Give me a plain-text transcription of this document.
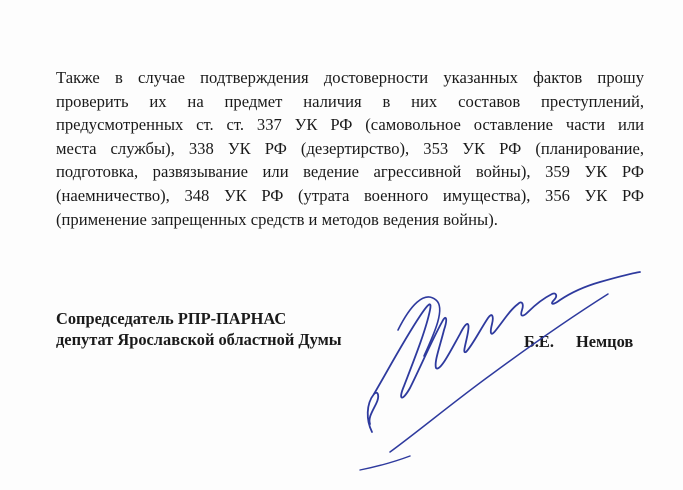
Также в случае подтверждения достоверности указанных фактов прошу
проверить их на предмет наличия в них составов преступлений,
предусмотренных ст. ст. 337 УК РФ (самовольное оставление части или
места службы), 338 УК РФ (дезертирство), 353 УК РФ (планирование,
подготовка, развязывание или ведение агрессивной войны), 359 УК РФ
(наемничество), 348 УК РФ (утрата военного имущества), 356 УК РФ
(применение запрещенных средств и методов ведения войны).
Сопредседатель РПР-ПАРНАС
депутат Ярославской областной Думы	Б.Е. Немцов
